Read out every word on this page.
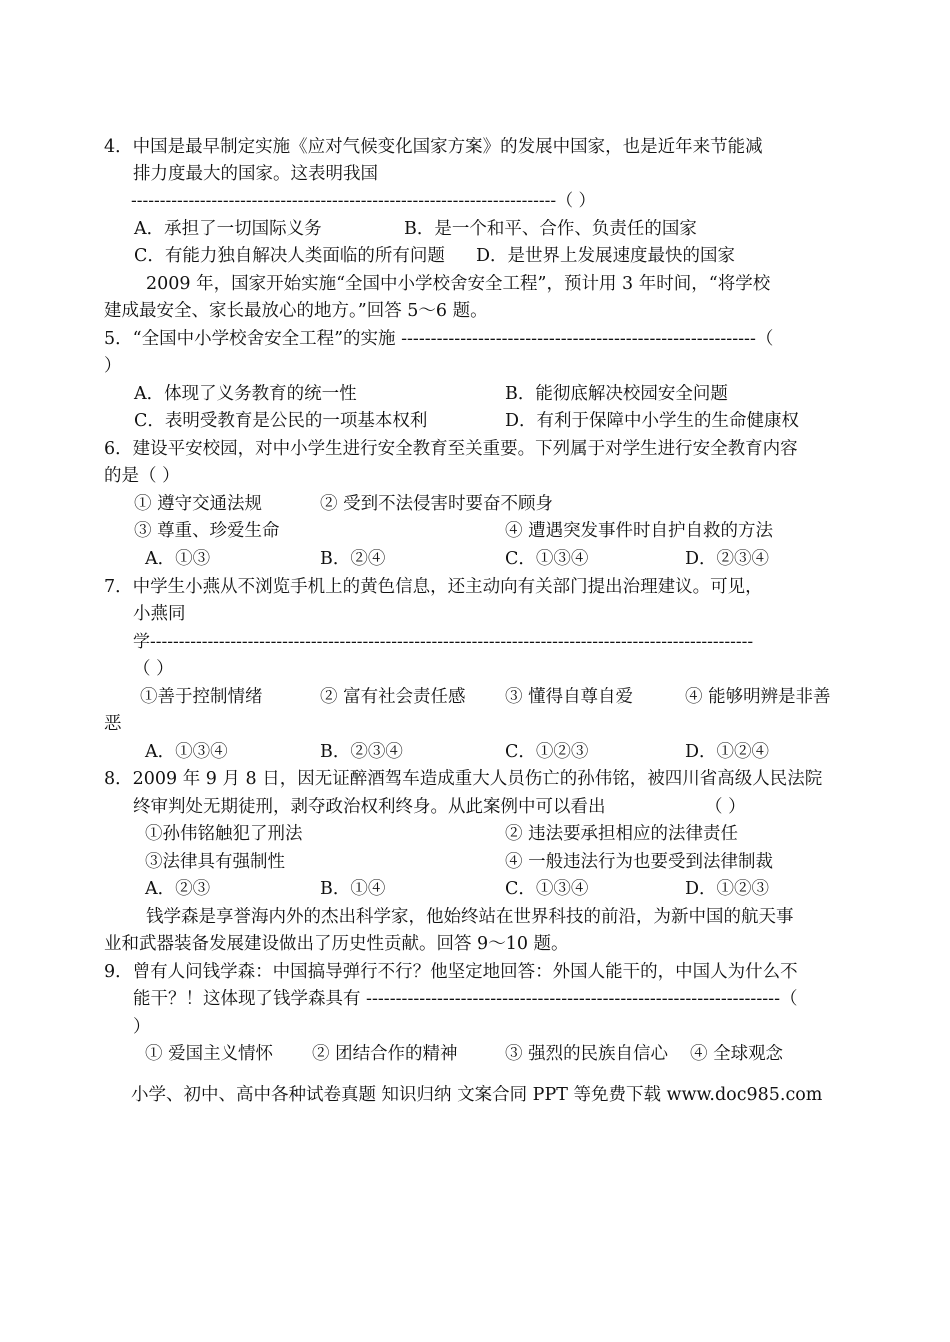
4．中国是最早制定实施《应对气候变化国家方案》的发展中国家，也是近年来节能减
排力度最大的国家。这表明我国
--------------------------------------------------------------------------（ ）
A．承担了一切国际义务	B．是一个和平、合作、负责任的国家
C．有能力独自解决人类面临的所有问题 D．是世界上发展速度最快的国家
2009 年，国家开始实施“全国中小学校舍安全工程”，预计用 3 年时间，“将学校
建成最安全、家长最放心的地方。”回答 5～6 题。
5．“全国中小学校舍安全工程”的实施 ------------------------------------------------------------（
）
A．体现了义务教育的统一性	B．能彻底解决校园安全问题
C．表明受教育是公民的一项基本权利	D．有利于保障中小学生的生命健康权
6．建设平安校园，对中小学生进行安全教育至关重要。下列属于对学生进行安全教育内容
的是（ ）
① 遵守交通法规	② 受到不法侵害时要奋不顾身
③ 尊重、珍爱生命	④ 遭遇突发事件时自护自救的方法
A．①③	B．②④	C．①③④	D．②③④
7．中学生小燕从不浏览手机上的黄色信息，还主动向有关部门提出治理建议。可见，
小燕同
学---------------------------------------------------------------------------------------------------------
（ ）
①善于控制情绪	② 富有社会责任感 ③ 懂得自尊自爱	④ 能够明辨是非善
恶
A．①③④	B．②③④	C．①②③	D．①②④
8．2009 年 9 月 8 日，因无证醉酒驾车造成重大人员伤亡的孙伟铭，被四川省高级人民法院
终审判处无期徒刑，剥夺政治权利终身。从此案例中可以看出	（ ）
①孙伟铭触犯了刑法	② 违法要承担相应的法律责任
③法律具有强制性	④ 一般违法行为也要受到法律制裁
A．②③	B．①④	C．①③④	D．①②③
钱学森是享誉海内外的杰出科学家，他始终站在世界科技的前沿，为新中国的航天事
业和武器装备发展建设做出了历史性贡献。回答 9～10 题。
9．曾有人问钱学森：中国搞导弹行不行？他坚定地回答：外国人能干的，中国人为什么不
能干？！这体现了钱学森具有 ----------------------------------------------------------------------（
）
① 爱国主义情怀 ② 团结合作的精神	③ 强烈的民族自信心 ④ 全球观念
小学、初中、高中各种试卷真题 知识归纳 文案合同 PPT 等免费下载 www.doc985.com
